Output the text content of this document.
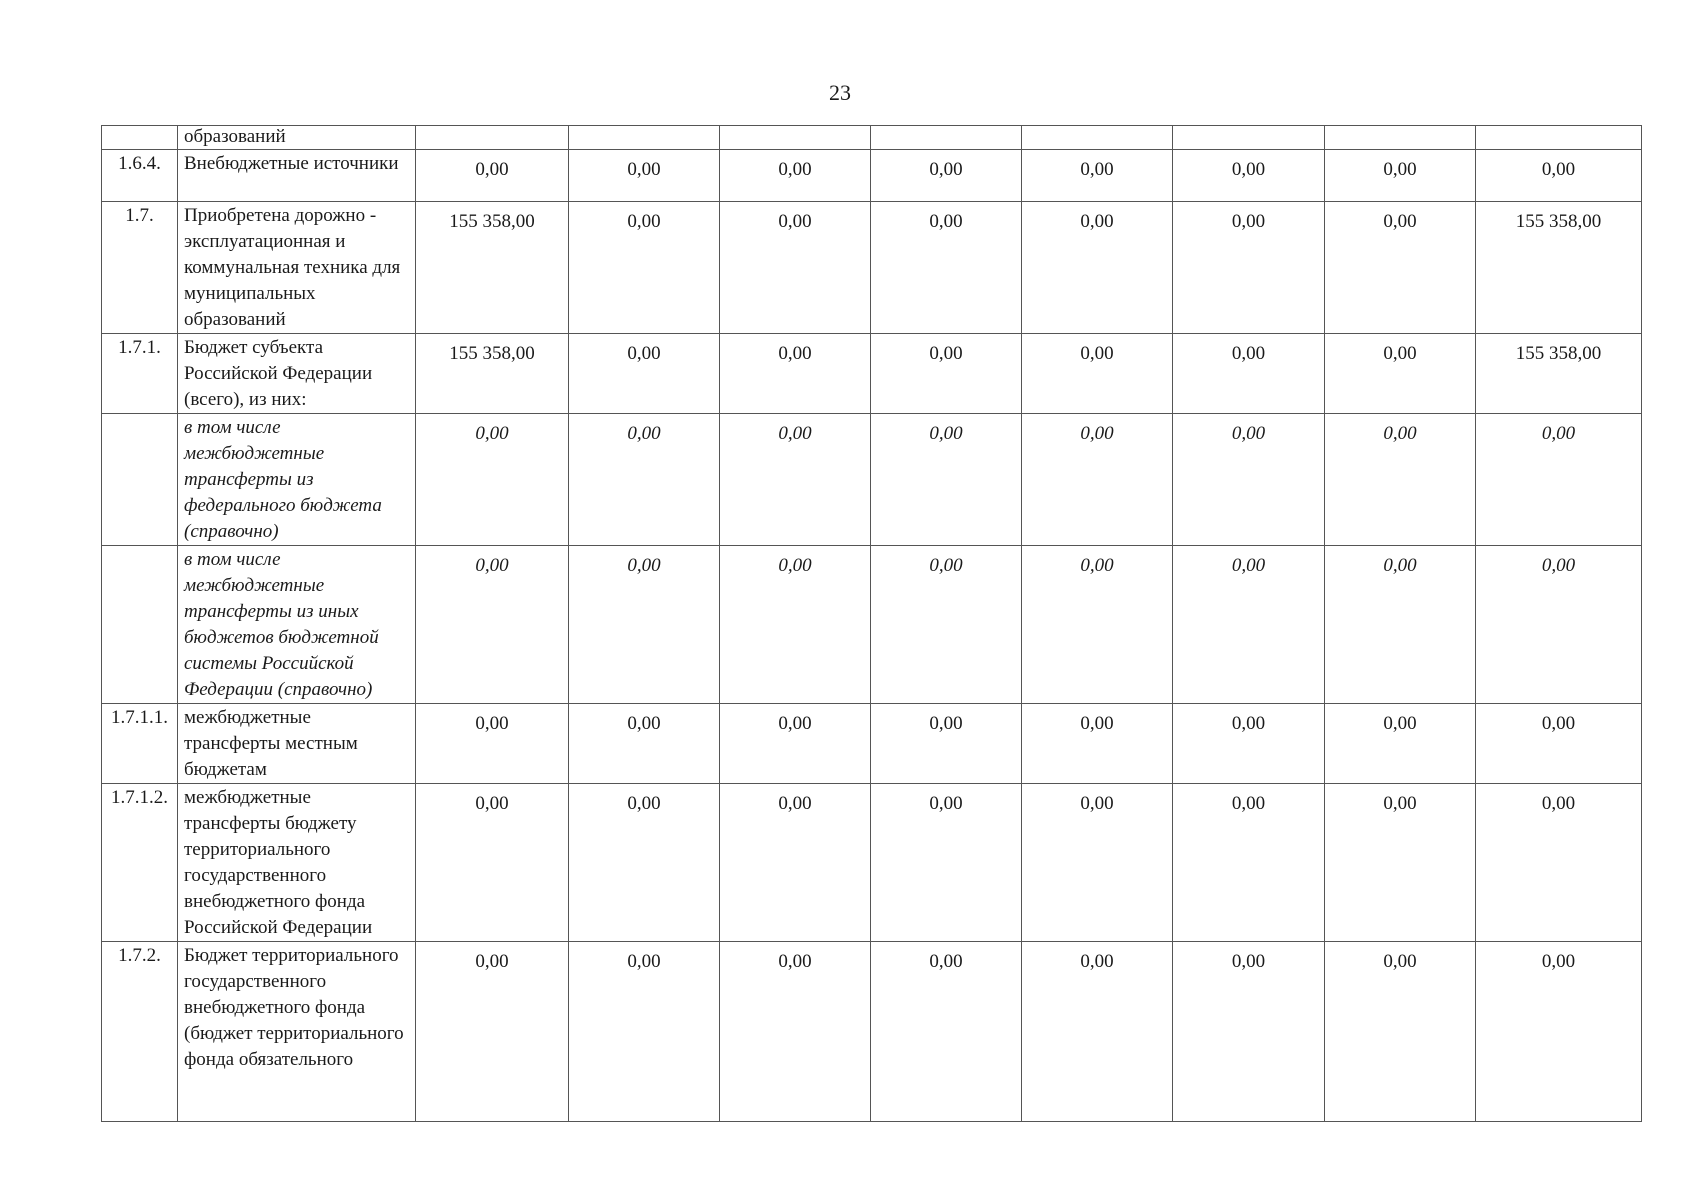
23
	образований								
1.6.4.	Внебюджетные источники	0,00	0,00	0,00	0,00	0,00	0,00	0,00	0,00
1.7.	Приобретена дорожно - эксплуатационная и коммунальная техника для муниципальных образований	155 358,00	0,00	0,00	0,00	0,00	0,00	0,00	155 358,00
1.7.1.	Бюджет субъекта Российской Федерации (всего), из них:	155 358,00	0,00	0,00	0,00	0,00	0,00	0,00	155 358,00
	в том числе межбюджетные трансферты из федерального бюджета (справочно)	0,00	0,00	0,00	0,00	0,00	0,00	0,00	0,00
	в том числе межбюджетные трансферты из иных бюджетов бюджетной системы Российской Федерации (справочно)	0,00	0,00	0,00	0,00	0,00	0,00	0,00	0,00
1.7.1.1.	межбюджетные трансферты местным бюджетам	0,00	0,00	0,00	0,00	0,00	0,00	0,00	0,00
1.7.1.2.	межбюджетные трансферты бюджету территориального государственного внебюджетного фонда Российской Федерации	0,00	0,00	0,00	0,00	0,00	0,00	0,00	0,00
1.7.2.	Бюджет территориального государственного внебюджетного фонда (бюджет территориального фонда обязательного	0,00	0,00	0,00	0,00	0,00	0,00	0,00	0,00
